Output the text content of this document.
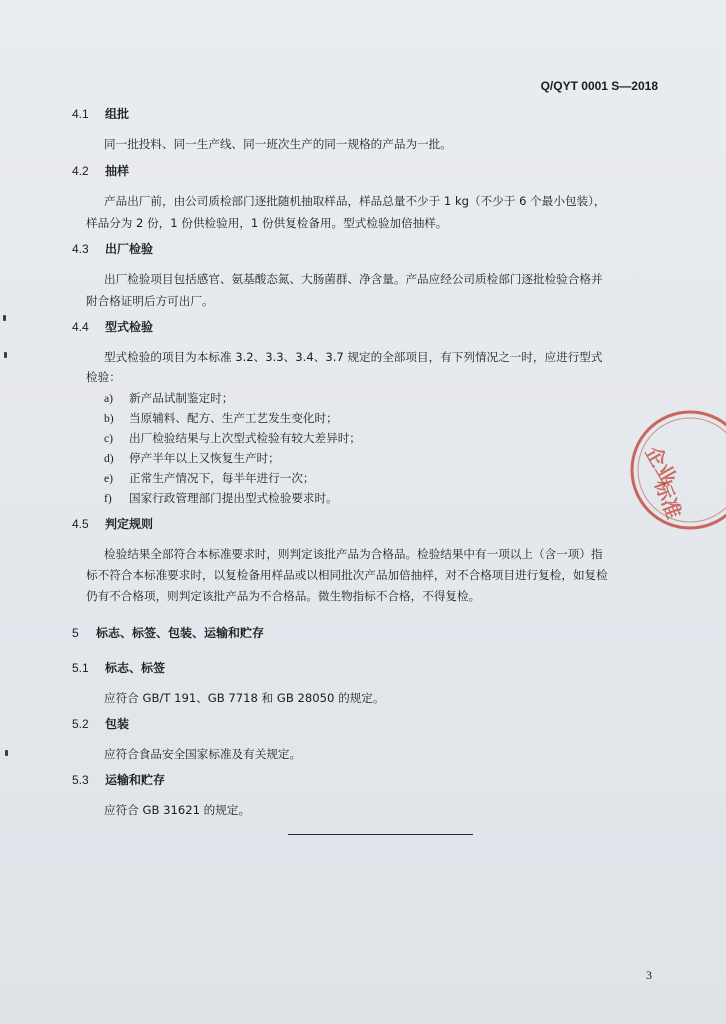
Q/QYT 0001 S—2018
4.1 组批
同一批投料、同一生产线、同一班次生产的同一规格的产品为一批。
4.2 抽样
产品出厂前，由公司质检部门逐批随机抽取样品，样品总量不少于 1 kg（不少于 6 个最小包装），
样品分为 2 份，1 份供检验用，1 份供复检备用。型式检验加倍抽样。
4.3 出厂检验
出厂检验项目包括感官、氨基酸态氮、大肠菌群、净含量。产品应经公司质检部门逐批检验合格并
附合格证明后方可出厂。
4.4 型式检验
型式检验的项目为本标准 3.2、3.3、3.4、3.7 规定的全部项目，有下列情况之一时，应进行型式
检验：
a) 新产品试制鉴定时；
b) 当原辅料、配方、生产工艺发生变化时；
c) 出厂检验结果与上次型式检验有较大差异时；
d) 停产半年以上又恢复生产时；
e) 正常生产情况下，每半年进行一次；
f) 国家行政管理部门提出型式检验要求时。
4.5 判定规则
检验结果全部符合本标准要求时，则判定该批产品为合格品。检验结果中有一项以上（含一项）指
标不符合本标准要求时，以复检备用样品或以相同批次产品加倍抽样，对不合格项目进行复检，如复检
仍有不合格项，则判定该批产品为不合格品。微生物指标不合格，不得复检。
5 标志、标签、包装、运输和贮存
5.1 标志、标签
应符合 GB/T 191、GB 7718 和 GB 28050 的规定。
5.2 包装
应符合食品安全国家标准及有关规定。
5.3 运输和贮存
应符合 GB 31621 的规定。
3
企业
标准
